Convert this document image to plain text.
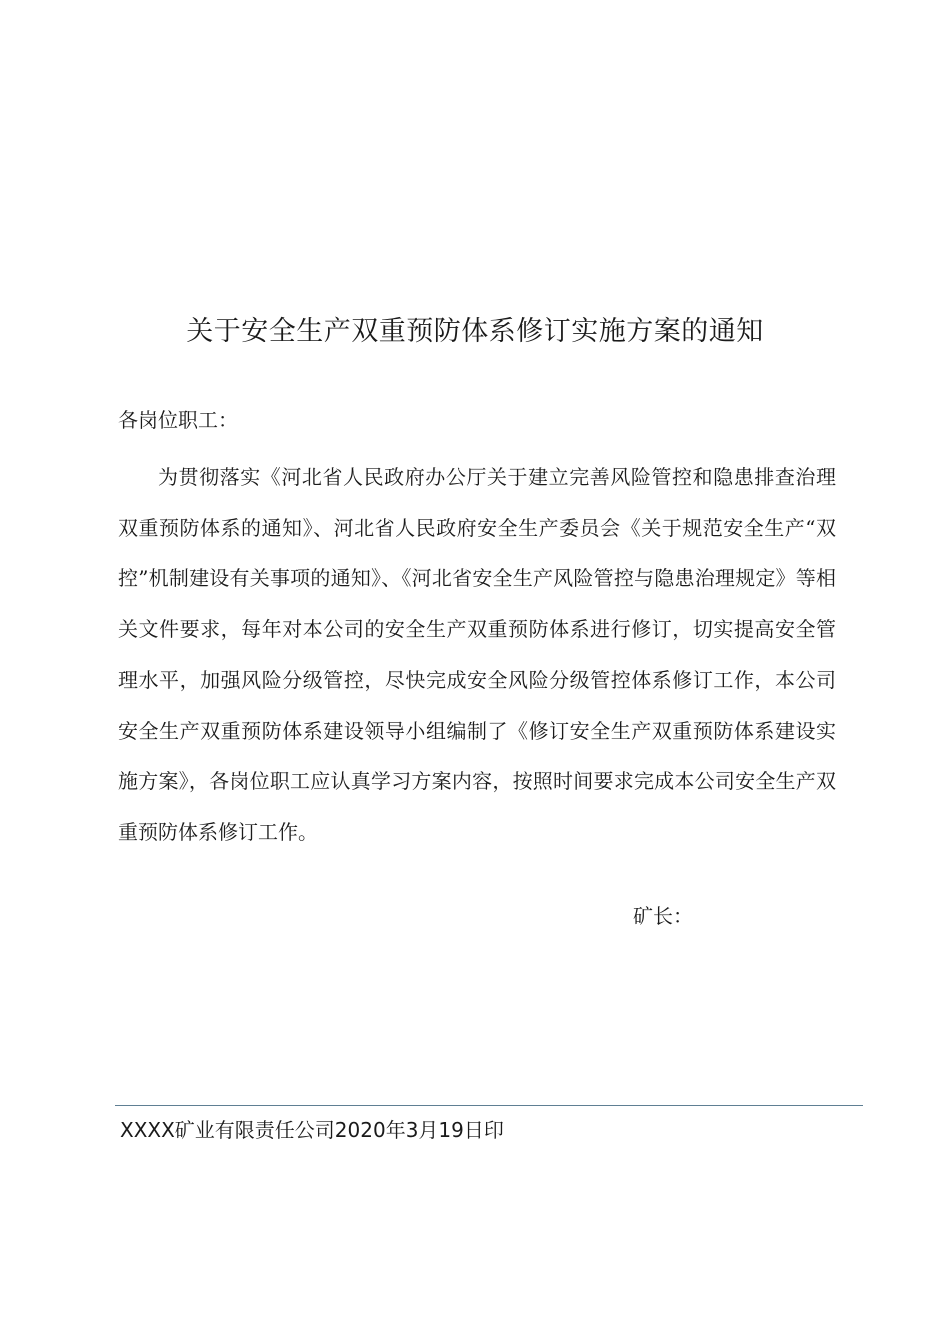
关于安全生产双重预防体系修订实施方案的通知
各岗位职工：

为贯彻落实《河北省人民政府办公厅关于建立完善风险管控和隐患排查治理双重预防体系的通知》、河北省人民政府安全生产委员会《关于规范安全生产“双控”机制建设有关事项的通知》、《河北省安全生产风险管控与隐患治理规定》等相关文件要求，每年对本公司的安全生产双重预防体系进行修订，切实提高安全管理水平，加强风险分级管控，尽快完成安全风险分级管控体系修订工作，本公司安全生产双重预防体系建设领导小组编制了《修订安全生产双重预防体系建设实施方案》，各岗位职工应认真学习方案内容，按照时间要求完成本公司安全生产双重预防体系修订工作。

矿长：
XXXX矿业有限责任公司2020年3月19日印
